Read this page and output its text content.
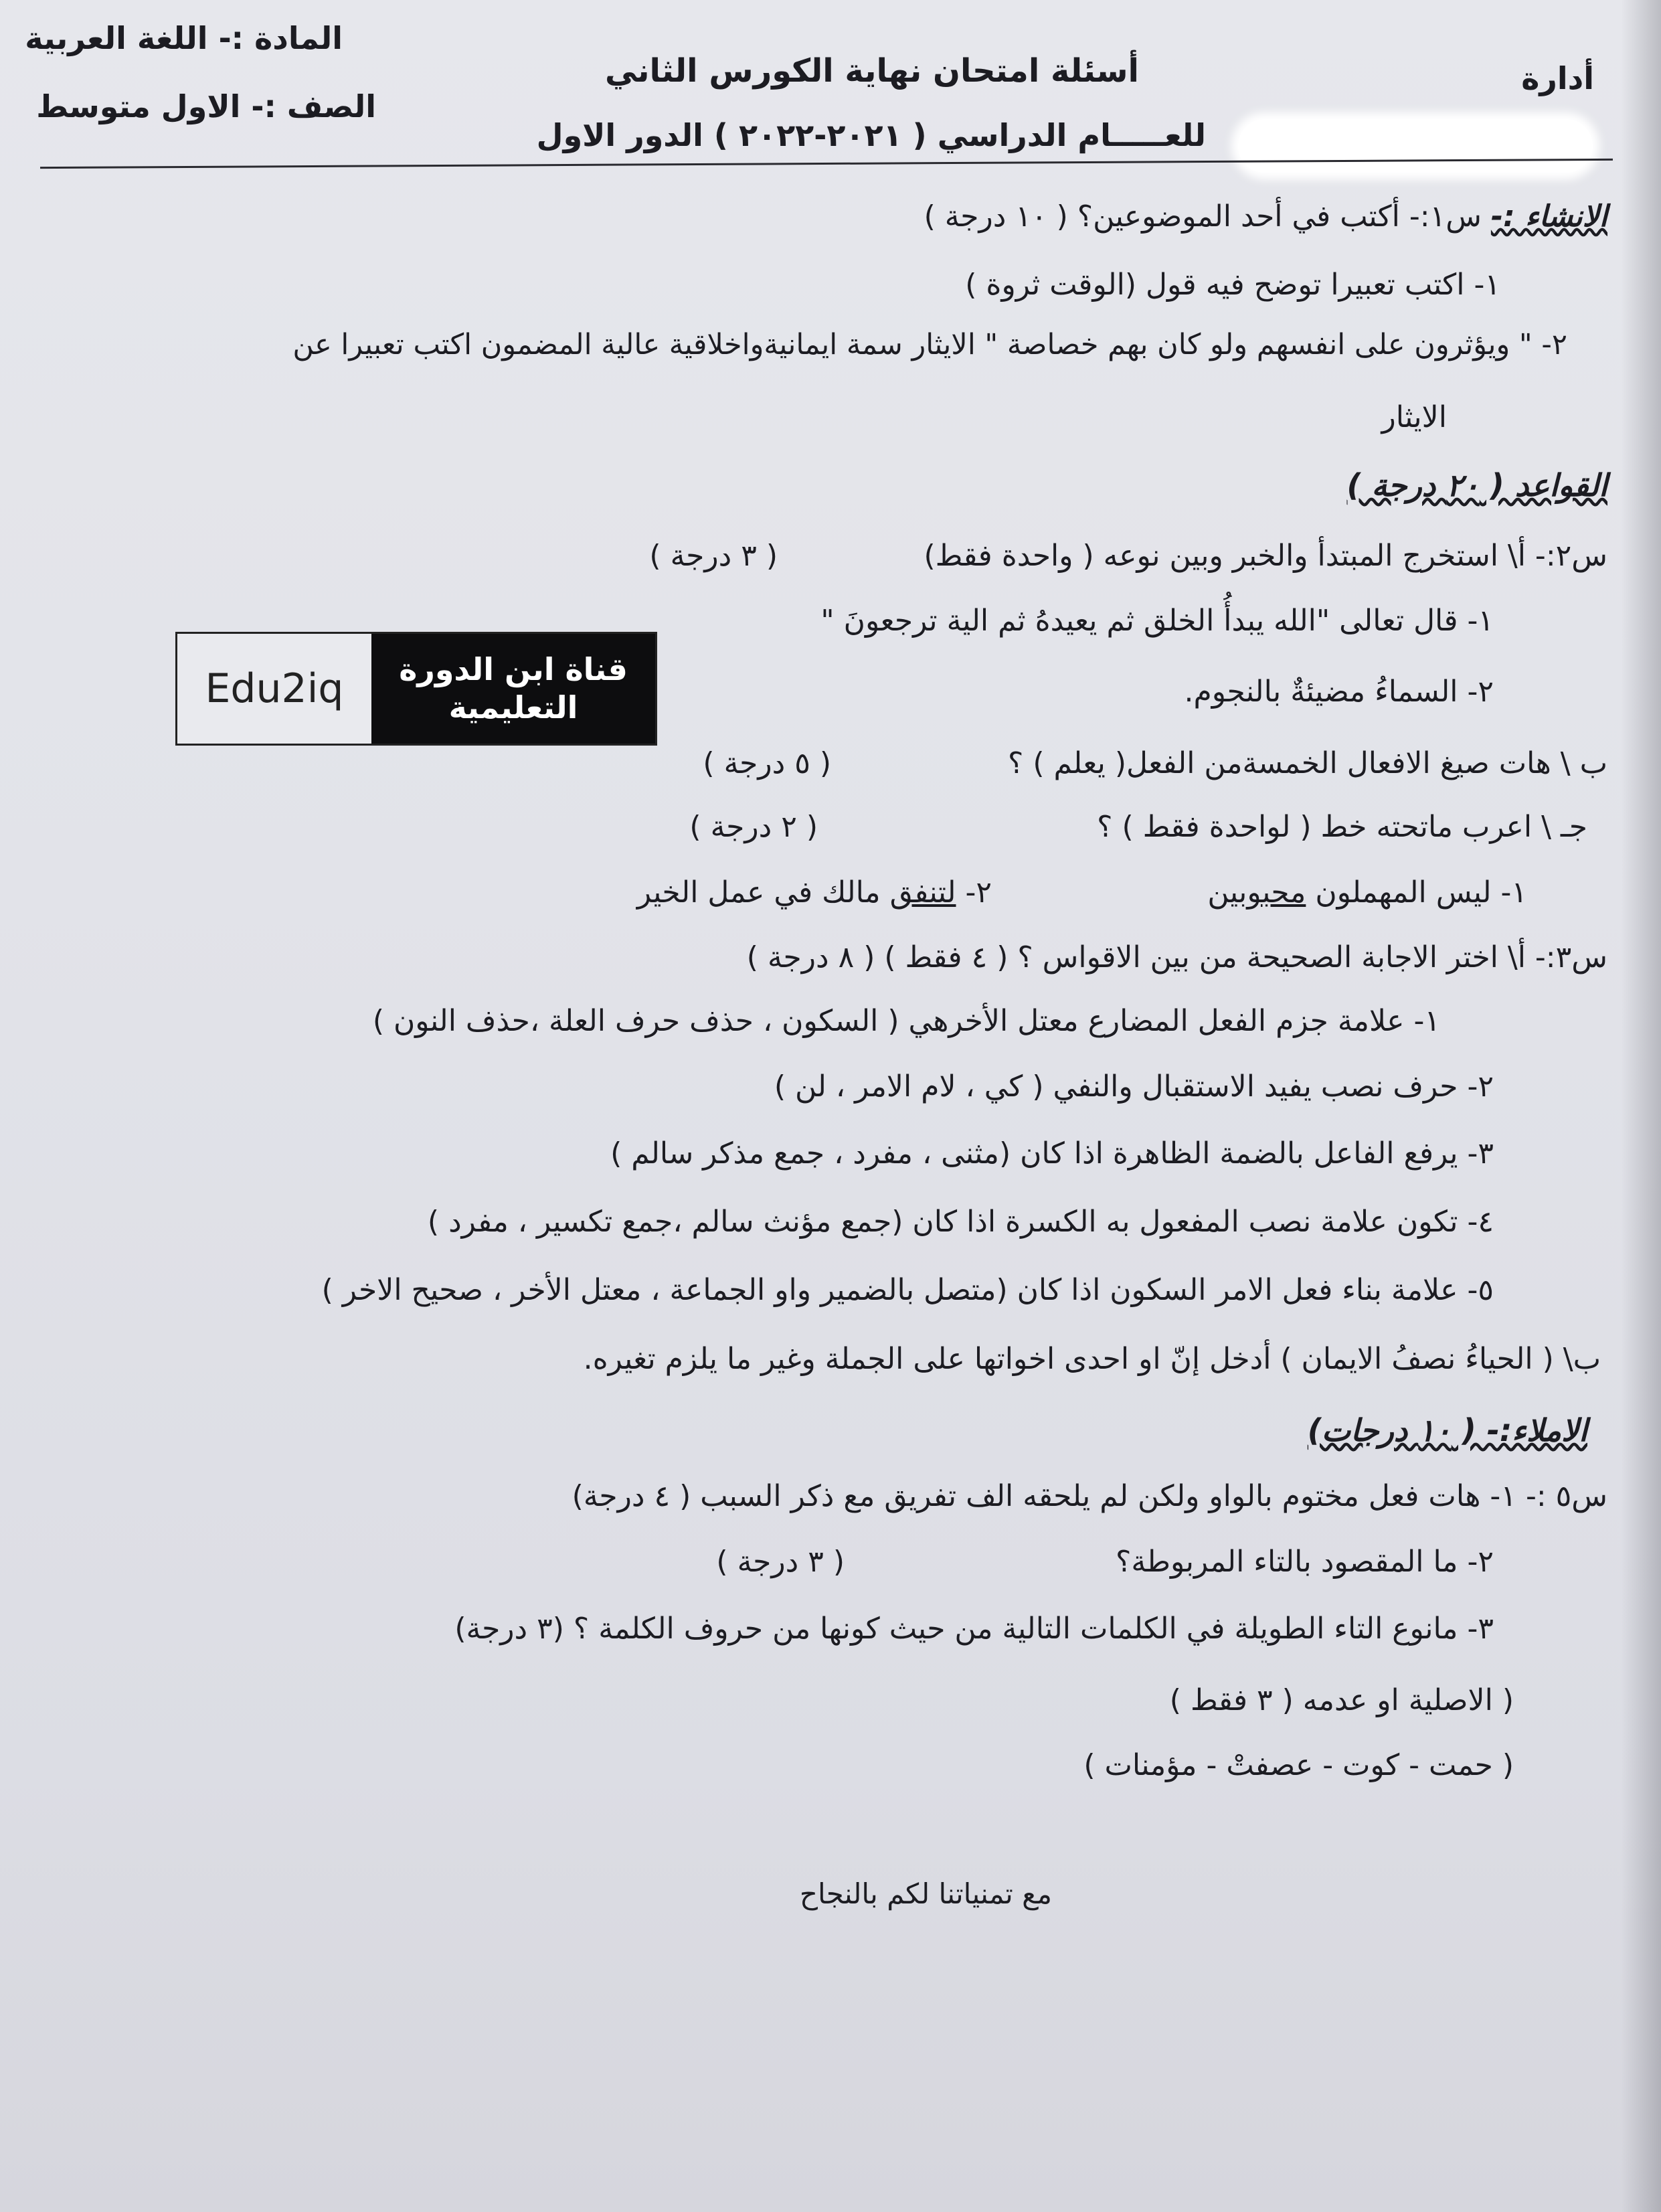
المادة :- اللغة العربية
الصف :- الاول متوسط
أسئلة امتحان نهاية الكورس الثاني
للعـــــام الدراسي ( ٢٠٢١-٢٠٢٢ ) الدور الاول
أدارة
الانشاء :- س١:- أكتب في أحد الموضوعين؟ ( ١٠ درجة )
١- اكتب تعبيرا توضح فيه قول (الوقت ثروة )
٢- " ويؤثرون على انفسهم ولو كان بهم خصاصة " الايثار سمة ايمانيةواخلاقية عالية المضمون اكتب تعبيرا عن
الايثار
القواعد ( ٢٠ درجة )
س٢:- أ\ استخرج المبتدأ والخبر وبين نوعه ( واحدة فقط)
( ٣ درجة )
١- قال تعالى "الله يبدأُ الخلق ثم يعيدهُ ثم الية ترجعونَ "
٢- السماءُ مضيئةٌ بالنجوم.
Edu2iq	قناة ابن الدورة
التعليمية
ب \ هات صيغ الافعال الخمسةمن الفعل( يعلم ) ؟
( ٥ درجة )
جـ \ اعرب ماتحته خط ( لواحدة فقط ) ؟
( ٢ درجة )
١- ليس المهملون محبوبين
٢- لتنفق مالك في عمل الخير
س٣:- أ\ اختر الاجابة الصحيحة من بين الاقواس ؟ ( ٤ فقط ) ( ٨ درجة )
١- علامة جزم الفعل المضارع معتل الأخرهي ( السكون ، حذف حرف العلة ،حذف النون )
٢- حرف نصب يفيد الاستقبال والنفي ( كي ، لام الامر ، لن )
٣- يرفع الفاعل بالضمة الظاهرة اذا كان (مثنى ، مفرد ، جمع مذكر سالم )
٤- تكون علامة نصب المفعول به الكسرة اذا كان (جمع مؤنث سالم ،جمع تكسير ، مفرد )
٥- علامة بناء فعل الامر السكون اذا كان (متصل بالضمير واو الجماعة ، معتل الأخر ، صحيح الاخر )
ب\ ( الحياءُ نصفُ الايمان ) أدخل إنّ او احدى اخواتها على الجملة وغير ما يلزم تغيره.
الاملاء:- ( ١٠ درجات)
س٥ :- ١- هات فعل مختوم بالواو ولكن لم يلحقه الف تفريق مع ذكر السبب ( ٤ درجة)
٢- ما المقصود بالتاء المربوطة؟
( ٣ درجة )
٣- مانوع التاء الطويلة في الكلمات التالية من حيث كونها من حروف الكلمة ؟ (٣ درجة)
( الاصلية او عدمه ( ٣ فقط )
( حمت - كوت - عصفتْ - مؤمنات )
مع تمنياتنا لكم بالنجاح
